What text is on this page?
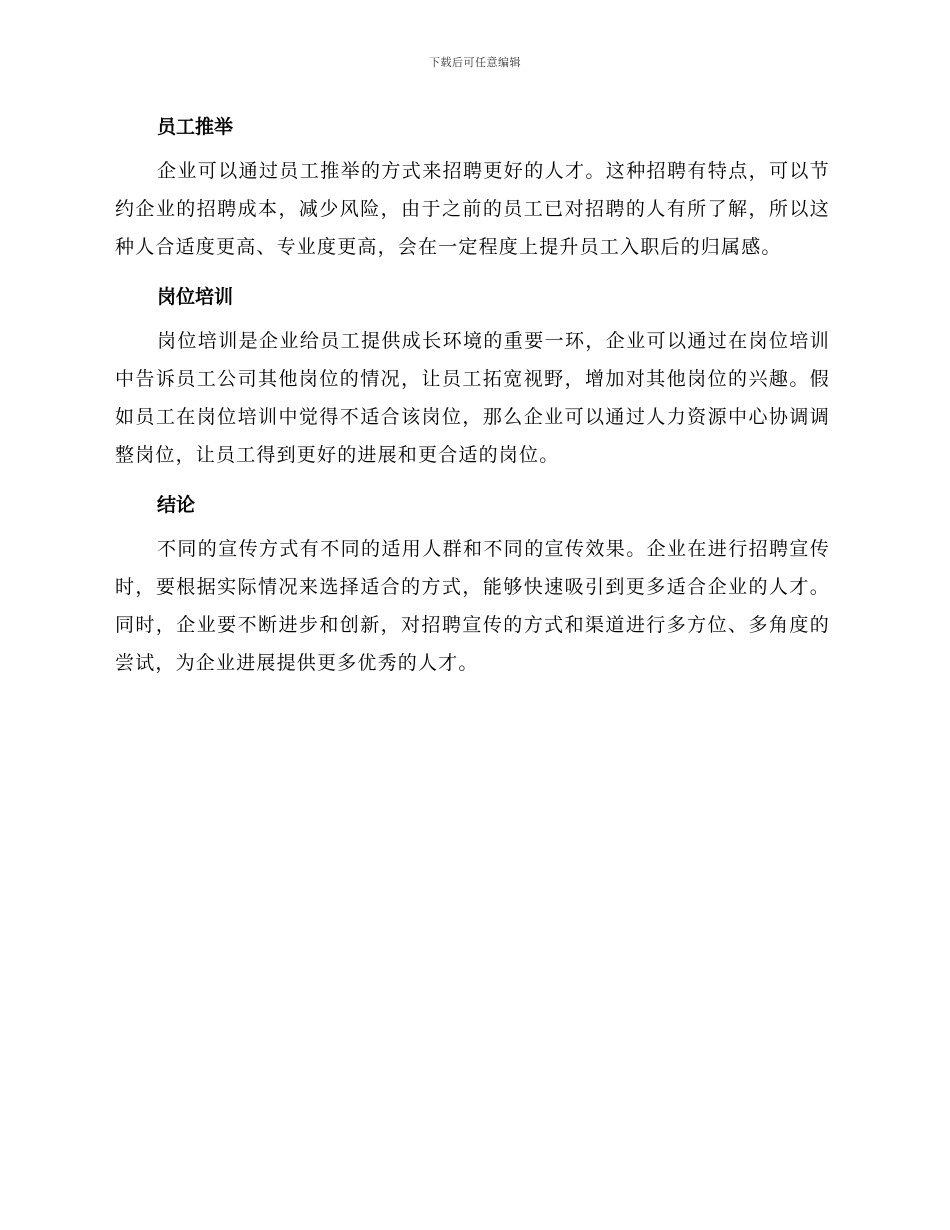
下载后可任意编辑
员工推举

企业可以通过员工推举的方式来招聘更好的人才。这种招聘有特点，可以节约企业的招聘成本，减少风险，由于之前的员工已对招聘的人有所了解，所以这种人合适度更高、专业度更高，会在一定程度上提升员工入职后的归属感。

岗位培训

岗位培训是企业给员工提供成长环境的重要一环，企业可以通过在岗位培训中告诉员工公司其他岗位的情况，让员工拓宽视野，增加对其他岗位的兴趣。假如员工在岗位培训中觉得不适合该岗位，那么企业可以通过人力资源中心协调调整岗位，让员工得到更好的进展和更合适的岗位。

结论

不同的宣传方式有不同的适用人群和不同的宣传效果。企业在进行招聘宣传时，要根据实际情况来选择适合的方式，能够快速吸引到更多适合企业的人才。同时，企业要不断进步和创新，对招聘宣传的方式和渠道进行多方位、多角度的尝试，为企业进展提供更多优秀的人才。
